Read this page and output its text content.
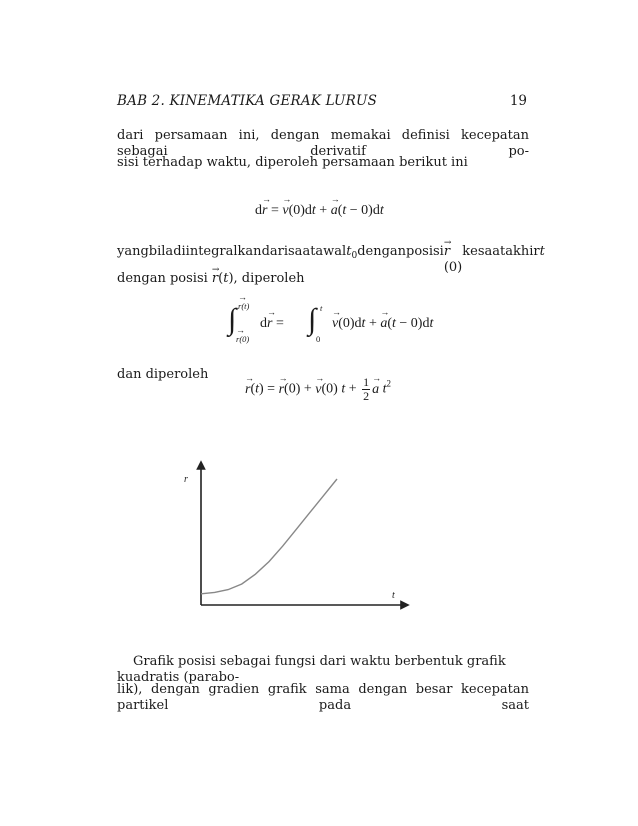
BAB 2. KINEMATIKA GERAK LURUS	19
dari persamaan ini, dengan memakai definisi kecepatan sebagai derivatif po-
sisi terhadap waktu, diperoleh persamaan berikut ini
d→ r = → v(0)dt + → a(t − 0)dt
yang bila diintegralkan dari saat awal $t_0$ dengan posisi
→ r(0)
ke saat akhir t
dengan posisi → r(t), diperoleh
∫
→ r(t)
→ r(0)
d→ r = ∫ t
0
→ v(0)dt + → a(t − 0)dt
dan diperoleh
→ r(t) = → r(0) + → v(0) $t + \frac{1}{2}$
→ a $t^2$
r
t
Grafik posisi sebagai fungsi dari waktu berbentuk grafik kuadratis (parabo-
lik), dengan gradien grafik sama dengan besar kecepatan partikel pada saat
